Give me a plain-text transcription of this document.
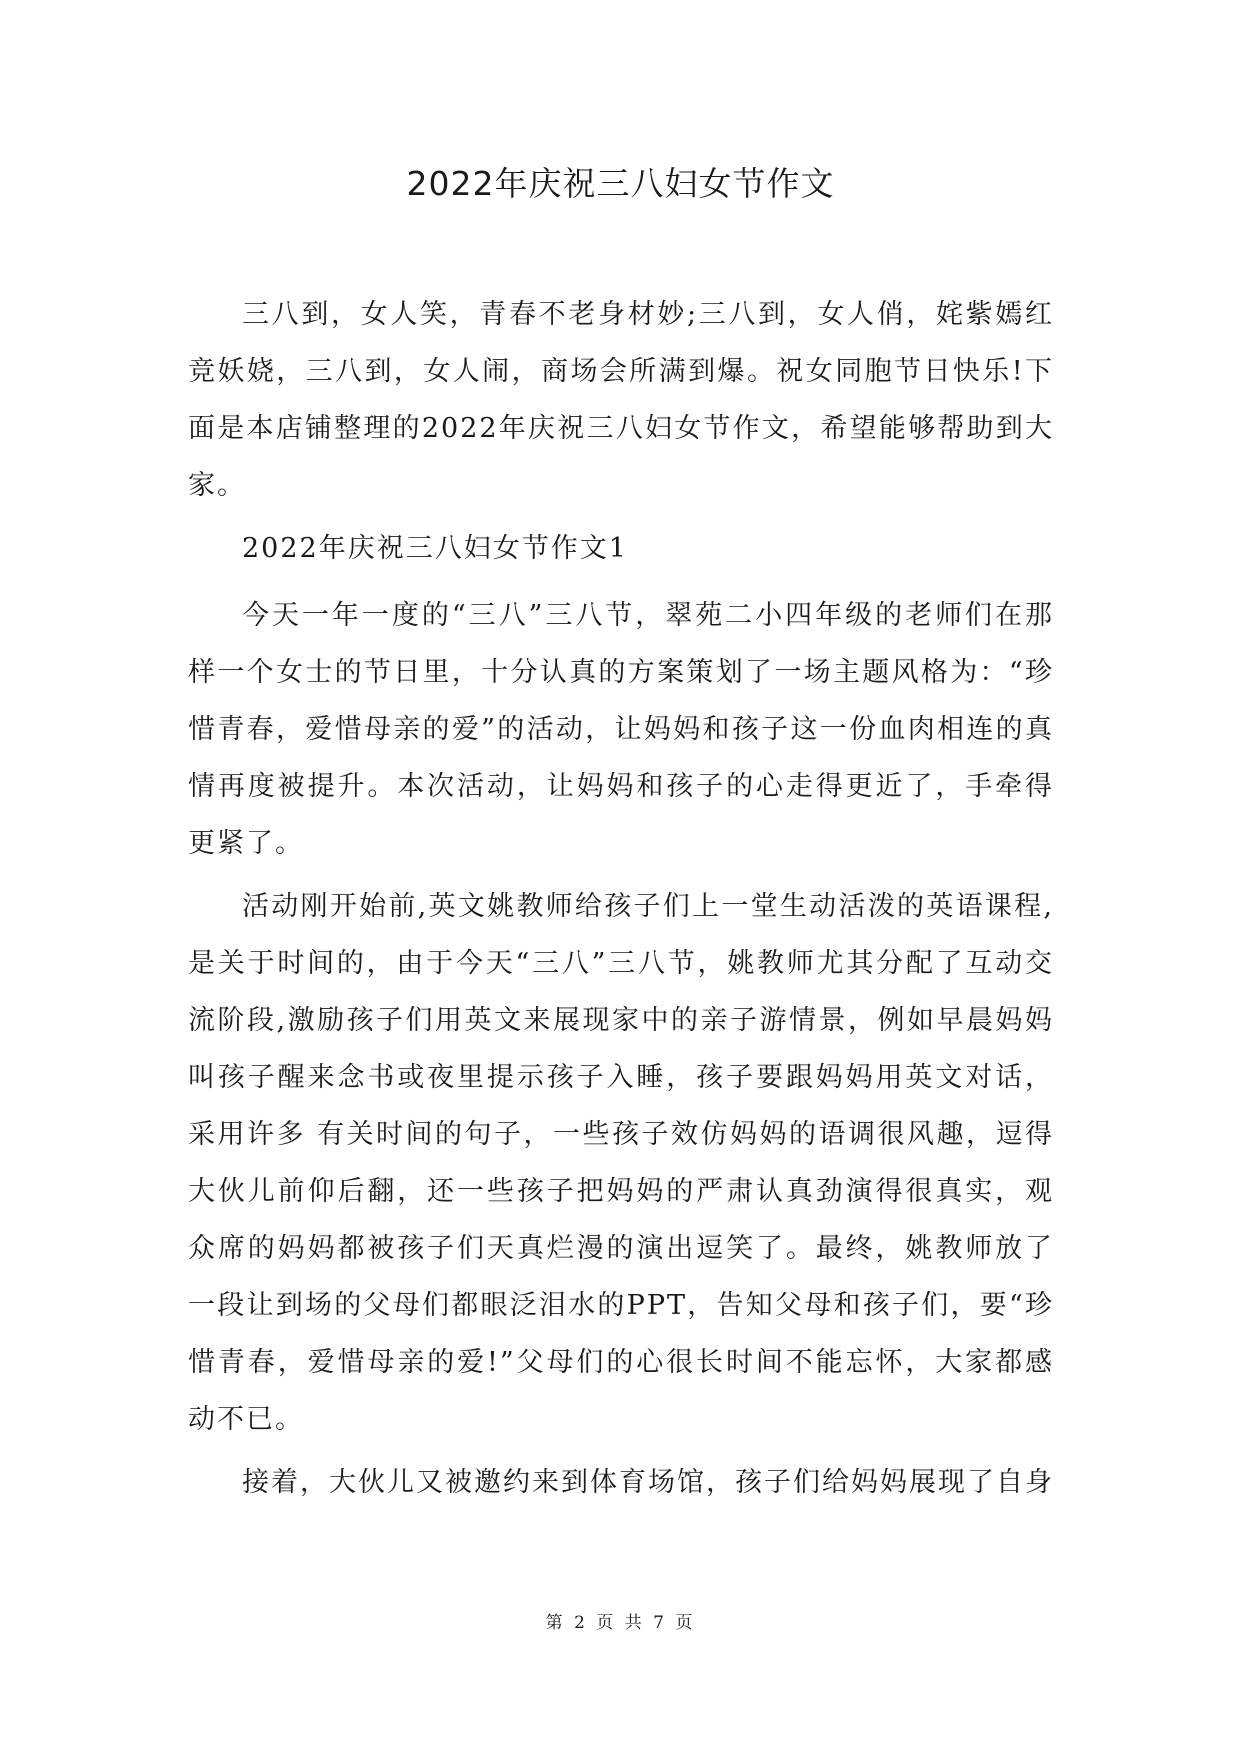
2022年庆祝三八妇女节作文

三八到，女人笑，青春不老身材妙;三八到，女人俏，姹紫嫣红竞妖娆，三八到，女人闹，商场会所满到爆。祝女同胞节日快乐!下面是本店铺整理的2022年庆祝三八妇女节作文，希望能够帮助到大家。

2022年庆祝三八妇女节作文1

今天一年一度的“三八”三八节，翠苑二小四年级的老师们在那样一个女士的节日里，十分认真的方案策划了一场主题风格为：“珍惜青春，爱惜母亲的爱”的活动，让妈妈和孩子这一份血肉相连的真情再度被提升。本次活动，让妈妈和孩子的心走得更近了，手牵得更紧了。

活动刚开始前,英文姚教师给孩子们上一堂生动活泼的英语课程,是关于时间的，由于今天“三八”三八节，姚教师尤其分配了互动交流阶段,激励孩子们用英文来展现家中的亲子游情景，例如早晨妈妈叫孩子醒来念书或夜里提示孩子入睡，孩子要跟妈妈用英文对话，采用许多 有关时间的句子，一些孩子效仿妈妈的语调很风趣，逗得大伙儿前仰后翻，还一些孩子把妈妈的严肃认真劲演得很真实，观众席的妈妈都被孩子们天真烂漫的演出逗笑了。最终，姚教师放了一段让到场的父母们都眼泛泪水的PPT，告知父母和孩子们，要“珍惜青春，爱惜母亲的爱!”父母们的心很长时间不能忘怀，大家都感动不已。

接着，大伙儿又被邀约来到体育场馆，孩子们给妈妈展现了自身

第 2 页 共 7 页
